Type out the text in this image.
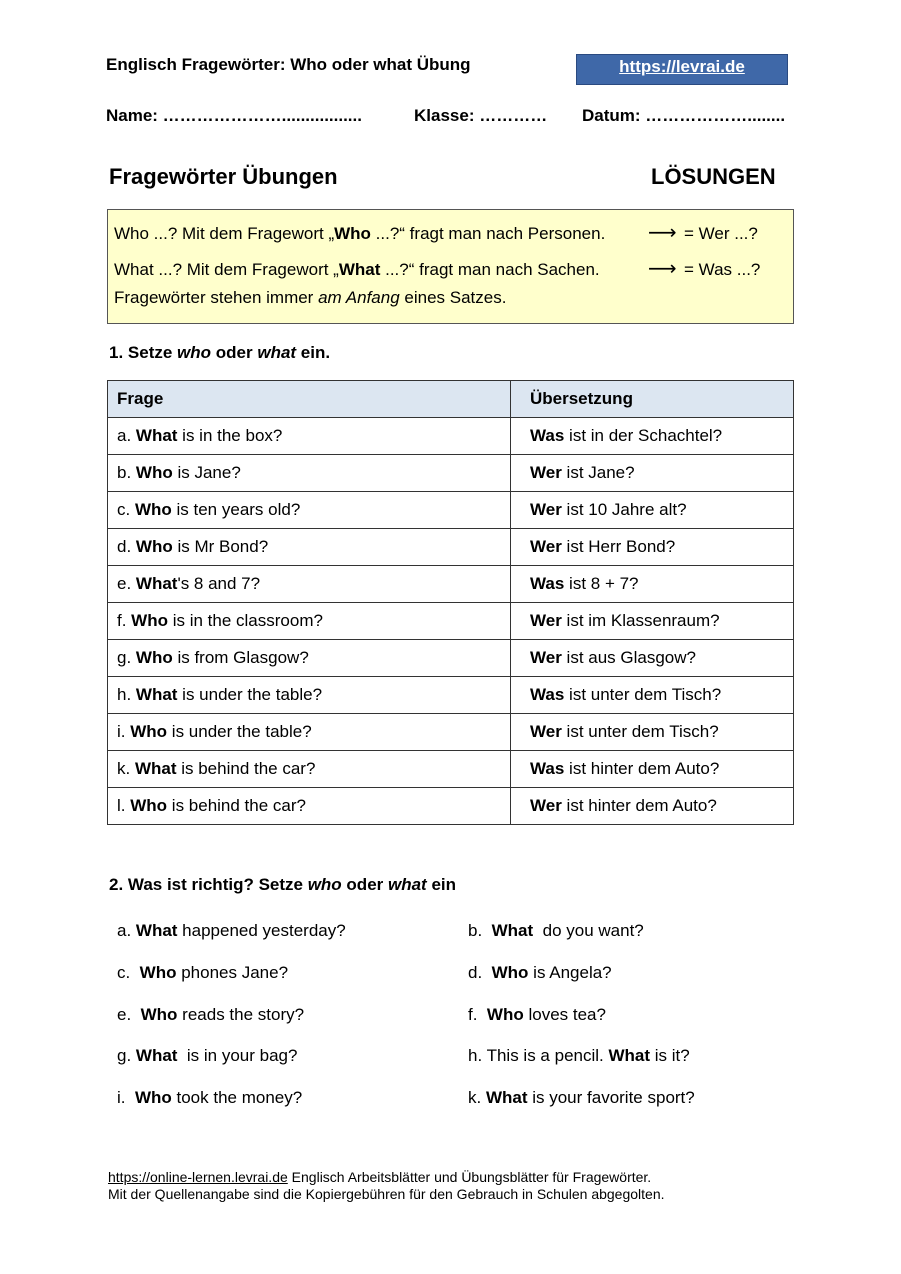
Englisch Fragewörter: Who oder what Übung	https://levrai.de
Name: ………………….................	Klasse: ………… Datum: ………………........
Fragewörter Übungen	LÖSUNGEN
Who ...? Mit dem Fragewort „Who ...?“ fragt man nach Personen. ⟶ = Wer ...?
What ...? Mit dem Fragewort „What ...?“ fragt man nach Sachen. ⟶ = Was ...?
Fragewörter stehen immer am Anfang eines Satzes.
1. Setze who oder what ein.
Frage	Übersetzung
a. What is in the box?	Was ist in der Schachtel?
b. Who is Jane?	Wer ist Jane?
c. Who is ten years old?	Wer ist 10 Jahre alt?
d. Who is Mr Bond?	Wer ist Herr Bond?
e. What's 8 and 7?	Was ist 8 + 7?
f. Who is in the classroom?	Wer ist im Klassenraum?
g. Who is from Glasgow?	Wer ist aus Glasgow?
h. What is under the table?	Was ist unter dem Tisch?
i. Who is under the table?	Wer ist unter dem Tisch?
k. What is behind the car?	Was ist hinter dem Auto?
l. Who is behind the car?	Wer ist hinter dem Auto?
2. Was ist richtig? Setze who oder what ein
a. What happened yesterday?	b.  What  do you want?
c.  Who phones Jane?	d.  Who is Angela?
e.  Who reads the story?	f.  Who loves tea?
g. What  is in your bag?	h. This is a pencil. What is it?
i.  Who took the money?	k. What is your favorite sport?
https://online-lernen.levrai.de Englisch Arbeitsblätter und Übungsblätter für Fragewörter.
Mit der Quellenangabe sind die Kopiergebühren für den Gebrauch in Schulen abgegolten.
